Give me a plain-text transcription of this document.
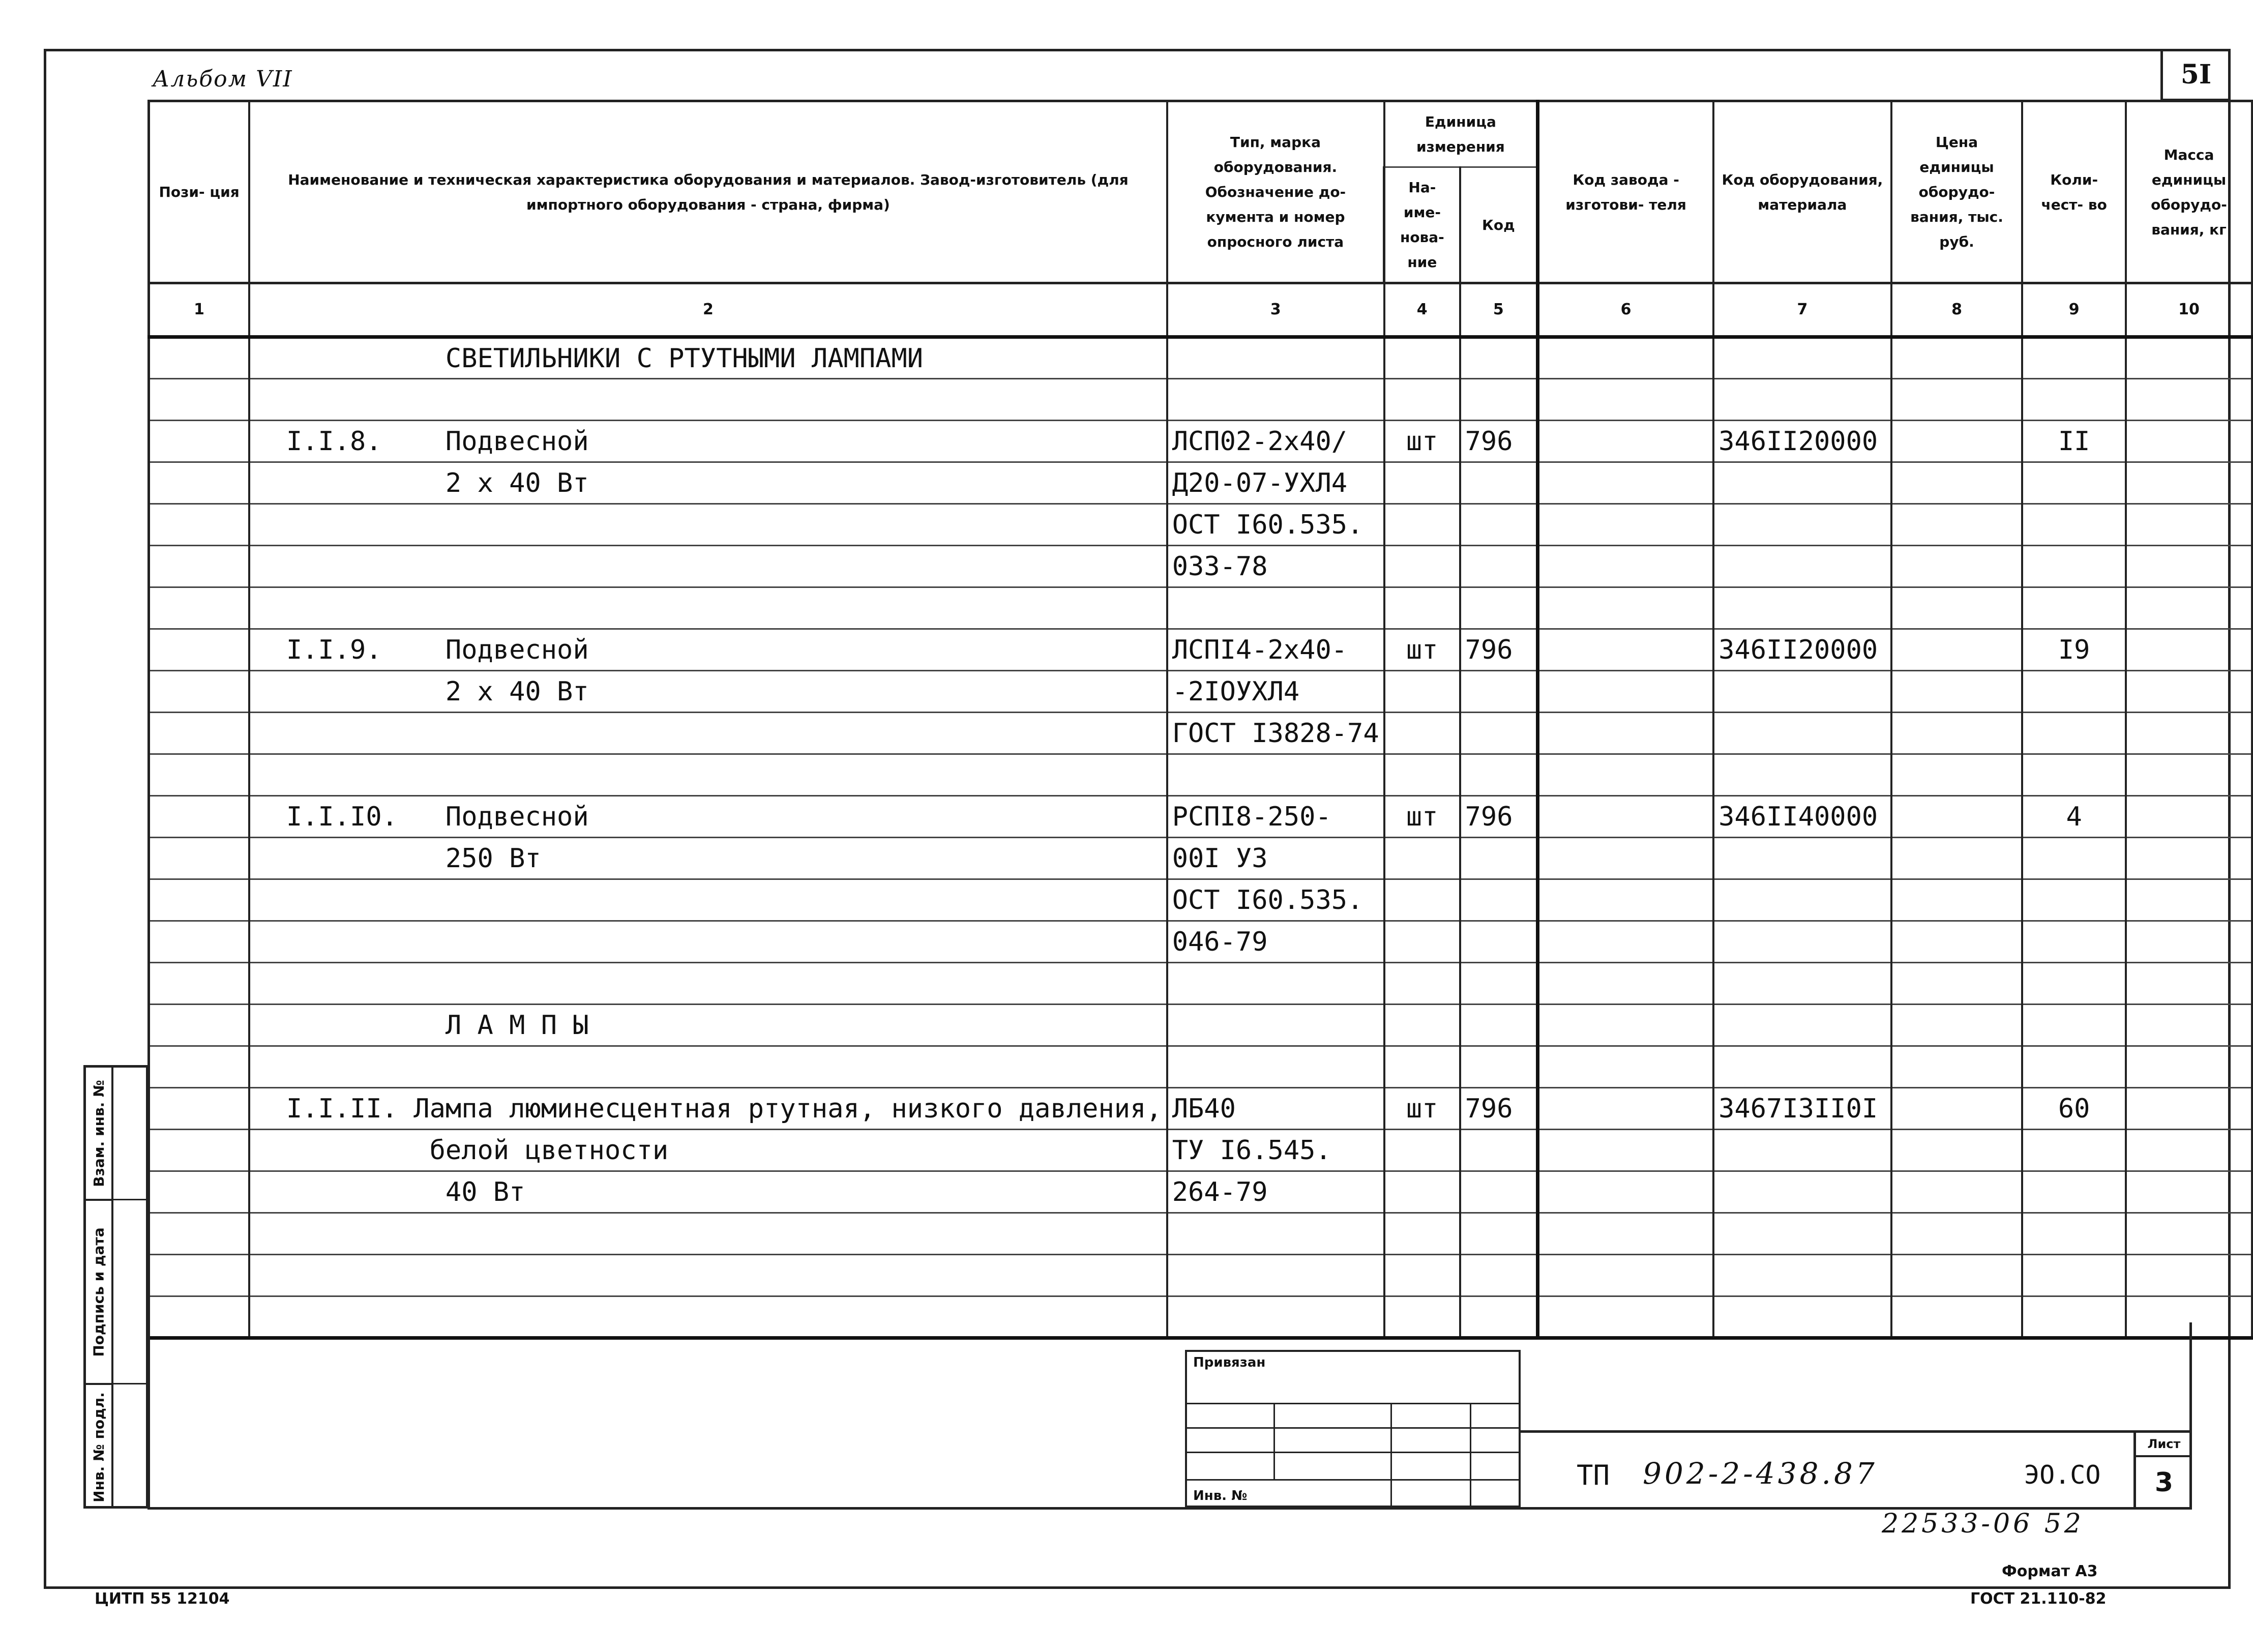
Альбом VII	5I
Пози- ция	Наименование и техническая характеристика оборудования и материалов. Завод-изготовитель (для импортного оборудования - страна, фирма)	Тип, марка оборудования. Обозначение до- кумента и номер опросного листа	Единица измерения		Код завода - изготови- теля	Код оборудования, материала	Цена единицы оборудо- вания, тыс. руб.	Коли- чест- во	Масса единицы оборудо- вания, кг
			На- име- нова- ние	Код					
1	2	3	4	5	6	7	8	9	10
	СВЕТИЛЬНИКИ С РТУТНЫМИ ЛАМПАМИ								

	I.I.8.    Подвесной	ЛСП02-2х40/	шт	796		346II20000		II	
	2 х 40 Вт	Д20-07-УХЛ4							
		ОСТ I60.535.							
		033-78							

	I.I.9.    Подвесной	ЛСПI4-2х40-	шт	796		346II20000		I9	
	2 х 40 Вт	-2IОУХЛ4							
		ГОСТ I3828-74							

	I.I.I0.   Подвесной	РСПI8-250-	шт	796		346II40000		4	
	250 Вт	00I У3							
		ОСТ I60.535.							
		046-79							

	Л А М П Ы								

	I.I.II. Лампа люминесцентная ртутная, низкого давления,	ЛБ40	шт	796		3467I3II0I		60	
	белой цветности	ТУ I6.545.							
	40 Вт	264-79							

Взам. инв. №
Подпись и дата
Инв. № подл.
Привязан
Инв. №
ТП 902-2-438.87	ЭО.СО
Лист
3
22533-06 52
Формат А3
ГОСТ 21.110-82
ЦИТП 55 12104
